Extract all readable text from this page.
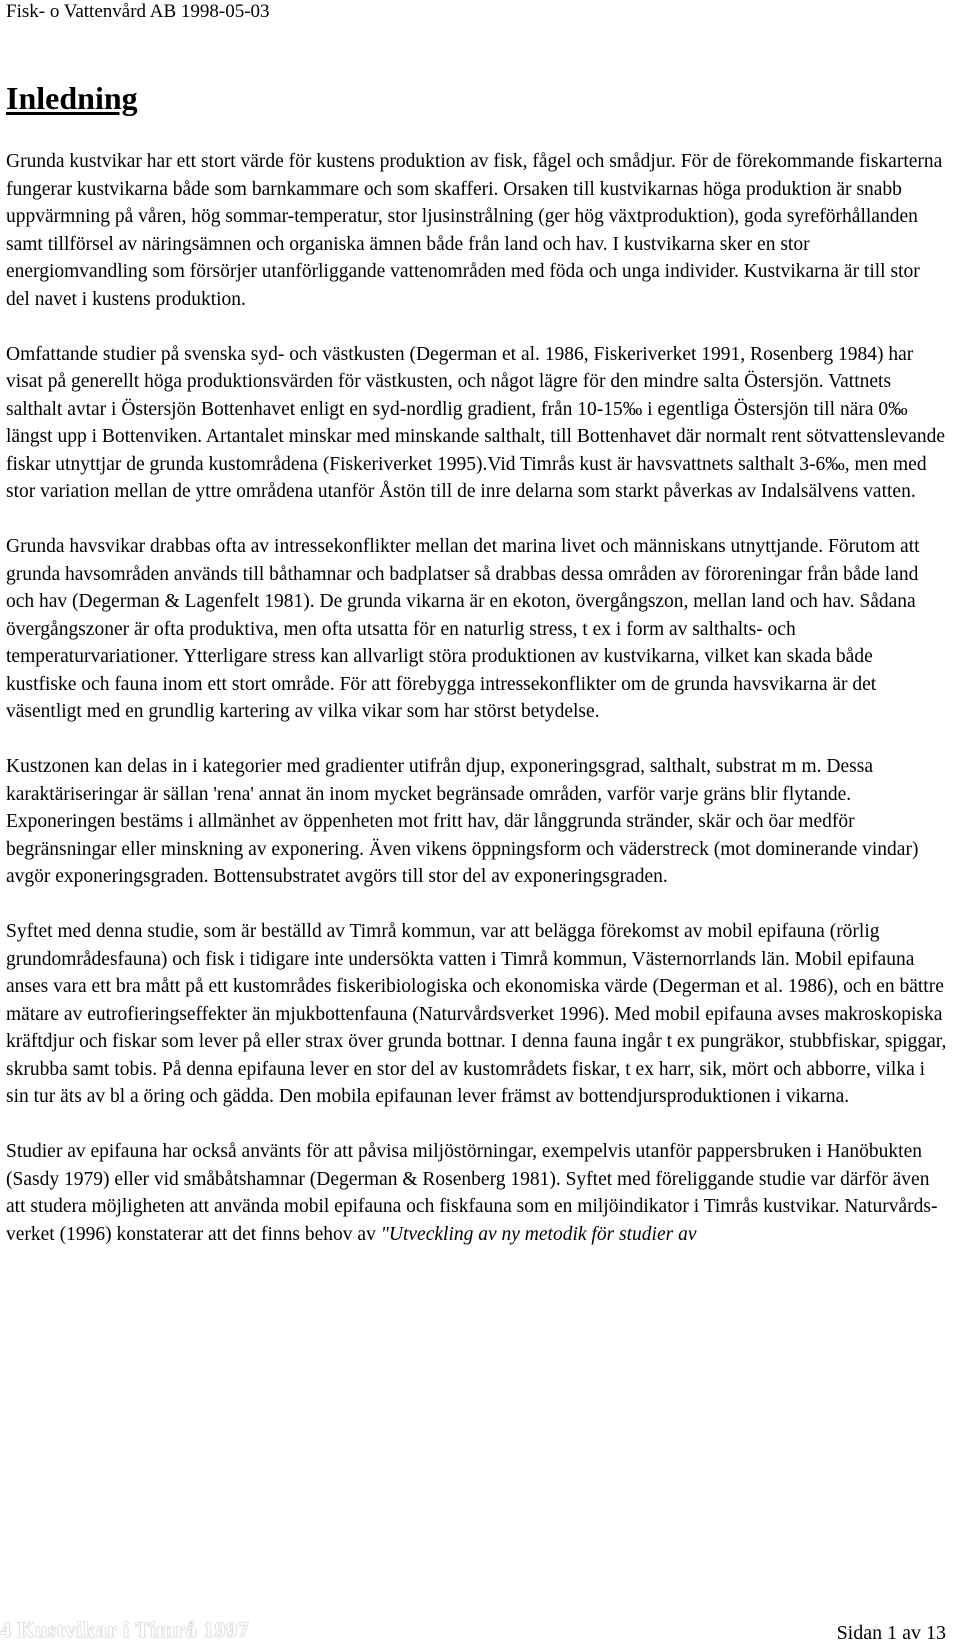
Fisk- o Vattenvård AB 1998-05-03
Inledning

Grunda kustvikar har ett stort värde för kustens produktion av fisk, fågel och smådjur. För de förekommande fiskarterna fungerar kustvikarna både som barnkammare och som skafferi. Orsaken till kustvikarnas höga produktion är snabb uppvärmning på våren, hög sommar-temperatur, stor ljusinstrålning (ger hög växtproduktion), goda syreförhållanden samt tillförsel av näringsämnen och organiska ämnen både från land och hav. I kustvikarna sker en stor energiomvandling som försörjer utanförliggande vattenområden med föda och unga individer. Kustvikarna är till stor del navet i kustens produktion.

Omfattande studier på svenska syd- och västkusten (Degerman et al. 1986, Fiskeriverket 1991, Rosenberg 1984) har visat på generellt höga produktionsvärden för västkusten, och något lägre för den mindre salta Östersjön. Vattnets salthalt avtar i Östersjön Bottenhavet enligt en syd-nordlig gradient, från 10-15‰ i egentliga Östersjön till nära 0‰ längst upp i Bottenviken. Artantalet minskar med minskande salthalt, till Bottenhavet där normalt rent sötvattenslevande fiskar utnyttjar de grunda kustområdena (Fiskeriverket 1995).Vid Timrås kust är havsvattnets salthalt 3-6‰, men med stor variation mellan de yttre områdena utanför Åstön till de inre delarna som starkt påverkas av Indalsälvens vatten.

Grunda havsvikar drabbas ofta av intressekonflikter mellan det marina livet och människans utnyttjande. Förutom att grunda havsområden används till båthamnar och badplatser så drabbas dessa områden av föroreningar från både land och hav (Degerman & Lagenfelt 1981). De grunda vikarna är en ekoton, övergångszon, mellan land och hav. Sådana övergångszoner är ofta produktiva, men ofta utsatta för en naturlig stress, t ex i form av salthalts- och temperaturvariationer. Ytterligare stress kan allvarligt störa produktionen av kustvikarna, vilket kan skada både kustfiske och fauna inom ett stort område. För att förebygga intressekonflikter om de grunda havsvikarna är det väsentligt med en grundlig kartering av vilka vikar som har störst betydelse.

Kustzonen kan delas in i kategorier med gradienter utifrån djup, exponeringsgrad, salthalt, substrat m m. Dessa karaktäriseringar är sällan 'rena' annat än inom mycket begränsade områden, varför varje gräns blir flytande. Exponeringen bestäms i allmänhet av öppenheten mot fritt hav, där långgrunda stränder, skär och öar medför begränsningar eller minskning av exponering. Även vikens öppningsform och väderstreck (mot dominerande vindar) avgör exponeringsgraden. Bottensubstratet avgörs till stor del av exponeringsgraden.

Syftet med denna studie, som är beställd av Timrå kommun, var att belägga förekomst av mobil epifauna (rörlig grundområdesfauna) och fisk i tidigare inte undersökta vatten i Timrå kommun, Västernorrlands län. Mobil epifauna anses vara ett bra mått på ett kustområdes fiskeribiologiska och ekonomiska värde (Degerman et al. 1986), och en bättre mätare av eutrofieringseffekter än mjukbottenfauna (Naturvårdsverket 1996). Med mobil epifauna avses makroskopiska kräftdjur och fiskar som lever på eller strax över grunda bottnar. I denna fauna ingår t ex pungräkor, stubbfiskar, spiggar, skrubba samt tobis. På denna epifauna lever en stor del av kustområdets fiskar, t ex harr, sik, mört och abborre, vilka i sin tur äts av bl a öring och gädda. Den mobila epifaunan lever främst av bottendjursproduktionen i vikarna.

Studier av epifauna har också använts för att påvisa miljöstörningar, exempelvis utanför pappersbruken i Hanöbukten (Sasdy 1979) eller vid småbåtshamnar (Degerman & Rosenberg 1981). Syftet med föreliggande studie var därför även att studera möjligheten att använda mobil epifauna och fiskfauna som en miljöindikator i Timrås kustvikar. Naturvårds-verket (1996) konstaterar att det finns behov av "Utveckling av ny metodik för studier av

4 Kustvikar i Timrå 1997	Sidan 1 av 13
